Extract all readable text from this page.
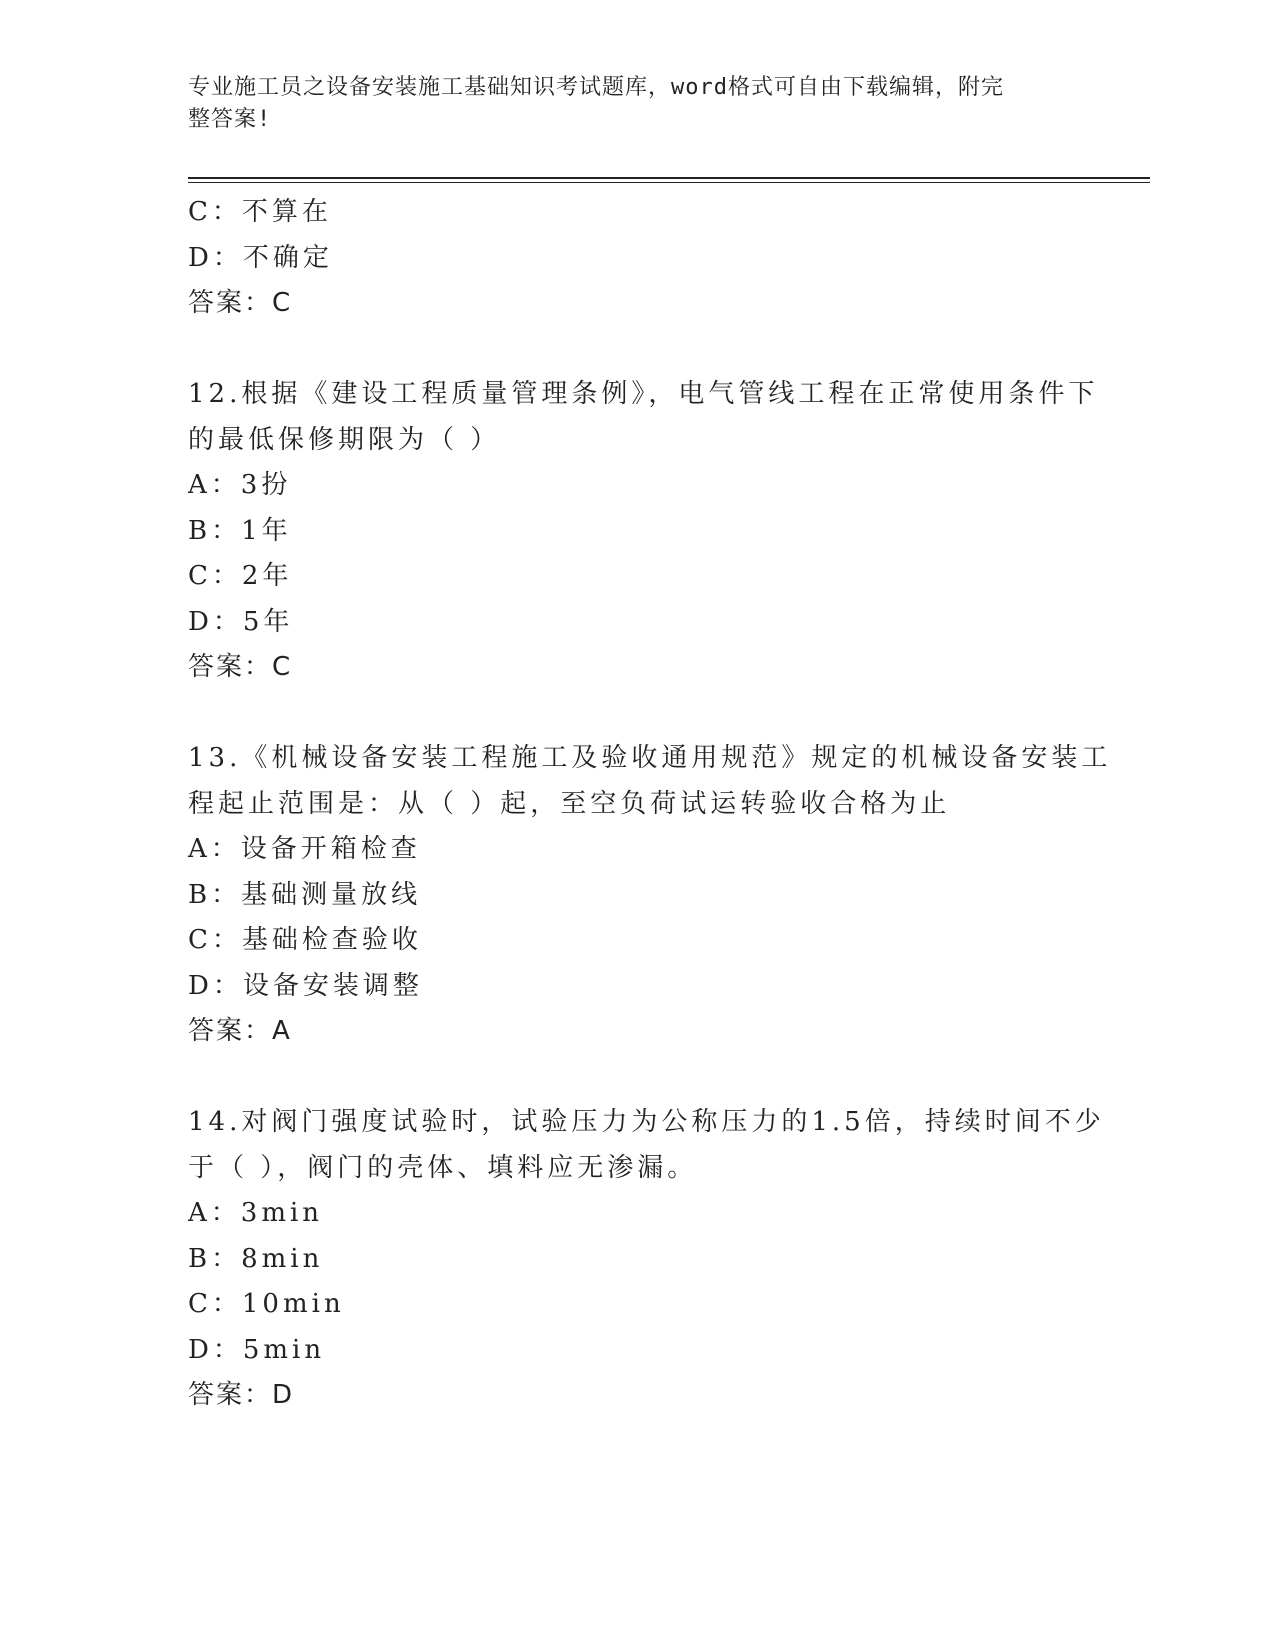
专业施工员之设备安装施工基础知识考试题库，word格式可自由下载编辑，附完
整答案!
C：不算在
D：不确定
答案：C
12.根据《建设工程质量管理条例》，电气管线工程在正常使用条件下
的最低保修期限为（ ）
A：3扮
B：1年
C：2年
D：5年
答案：C
13.《机械设备安装工程施工及验收通用规范》规定的机械设备安装工
程起止范围是：从（ ）起，至空负荷试运转验收合格为止
A：设备开箱检查
B：基础测量放线
C：基础检查验收
D：设备安装调整
答案：A
14.对阀门强度试验时，试验压力为公称压力的1.5倍，持续时间不少
于（ ），阀门的壳体、填料应无渗漏。
A：3min
B：8min
C：10min
D：5min
答案：D
